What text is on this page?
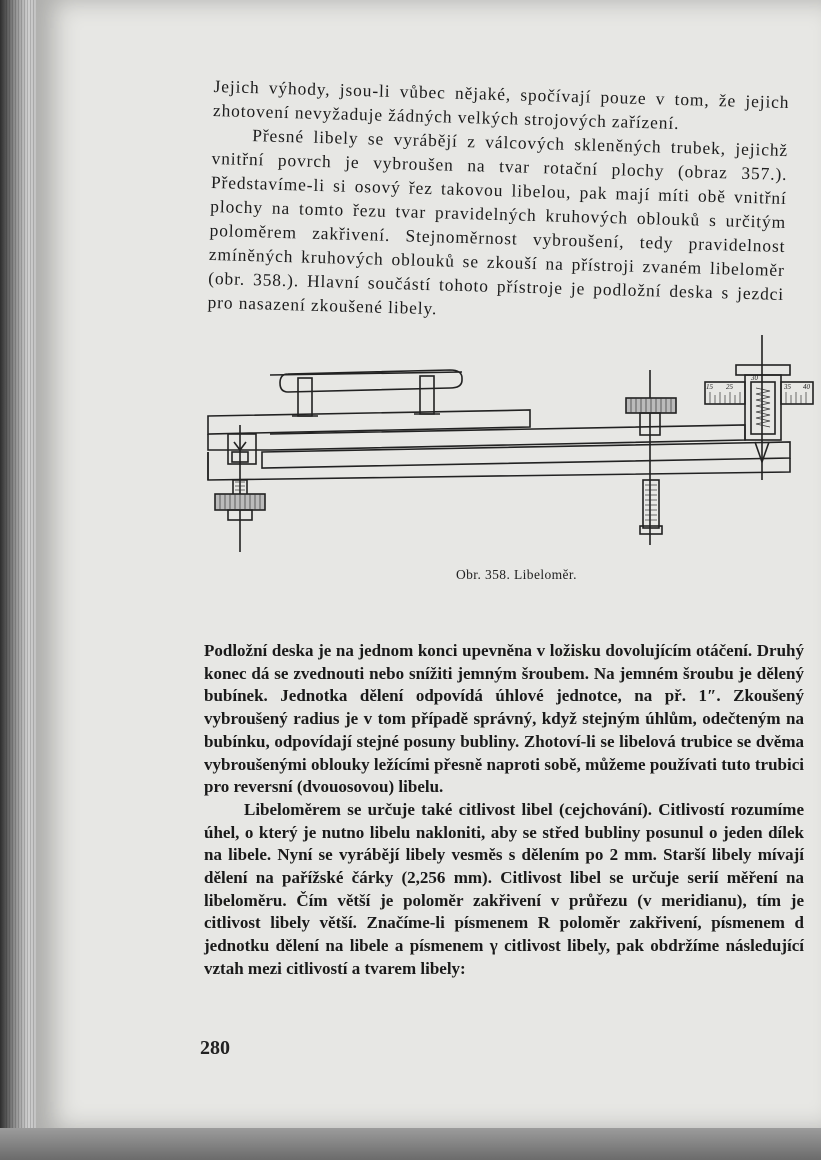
Jejich výhody, jsou-li vůbec nějaké, spočívají pouze v tom, že jejich zhotovení nevyžaduje žádných velkých strojových zařízení.

Přesné libely se vyrábějí z válcových skleněných trubek, jejichž vnitřní povrch je vybroušen na tvar rotační plochy (obraz 357.). Představíme-li si osový řez takovou libelou, pak mají míti obě vnitřní plochy na tomto řezu tvar pravidelných kruhových oblouků s určitým poloměrem zakřivení. Stejnoměrnost vybroušení, tedy pravidelnost zmíněných kruhových oblouků se zkouší na přístroji zvaném libeloměr (obr. 358.). Hlavní součástí tohoto přístroje je podložní deska s jezdci pro nasazení zkoušené libely.

15 25
30
35 40
Obr. 358. Libeloměr.

Podložní deska je na jednom konci upevněna v ložisku dovolujícím otáčení. Druhý konec dá se zvednouti nebo snížiti jemným šroubem. Na jemném šroubu je dělený bubínek. Jednotka dělení odpovídá úhlové jednotce, na př. 1″. Zkoušený vybroušený radius je v tom případě správný, když stejným úhlům, odečteným na bubínku, odpovídají stejné posuny bubliny. Zhotoví-li se libelová trubice se dvěma vybroušenými oblouky ležícími přesně naproti sobě, můžeme používati tuto trubici pro reversní (dvouosovou) libelu.

Libeloměrem se určuje také citlivost libel (cejchování). Citlivostí rozumíme úhel, o který je nutno libelu nakloniti, aby se střed bubliny posunul o jeden dílek na libele. Nyní se vyrábějí libely vesměs s dělením po 2 mm. Starší libely mívají dělení na pařížské čárky (2,256 mm). Citlivost libel se určuje serií měření na libeloměru. Čím větší je poloměr zakřivení v průřezu (v meridianu), tím je citlivost libely větší. Značíme-li písmenem R poloměr zakřivení, písmenem d jednotku dělení na libele a písmenem γ citlivost libely, pak obdržíme následující vztah mezi citlivostí a tvarem libely:

280
